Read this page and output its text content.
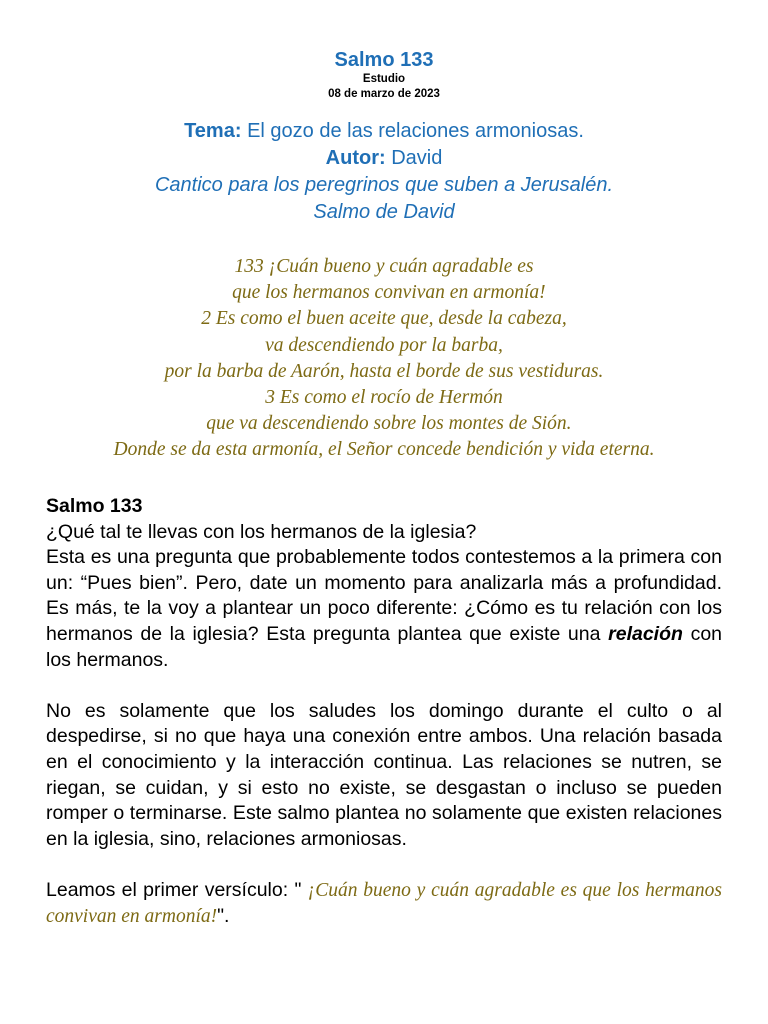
Salmo 133
Estudio
08 de marzo de 2023
Tema: El gozo de las relaciones armoniosas.
Autor: David
Cantico para los peregrinos que suben a Jerusalén.
Salmo de David
133 ¡Cuán bueno y cuán agradable es
que los hermanos convivan en armonía!
2 Es como el buen aceite que, desde la cabeza,
va descendiendo por la barba,
por la barba de Aarón, hasta el borde de sus vestiduras.
3 Es como el rocío de Hermón
que va descendiendo sobre los montes de Sión.
Donde se da esta armonía, el Señor concede bendición y vida eterna.

Salmo 133

¿Qué tal te llevas con los hermanos de la iglesia?

Esta es una pregunta que probablemente todos contestemos a la primera con un: “Pues bien”. Pero, date un momento para analizarla más a profundidad. Es más, te la voy a plantear un poco diferente: ¿Cómo es tu relación con los hermanos de la iglesia? Esta pregunta plantea que existe una relación con los hermanos.

No es solamente que los saludes los domingo durante el culto o al despedirse, si no que haya una conexión entre ambos. Una relación basada en el conocimiento y la interacción continua. Las relaciones se nutren, se riegan, se cuidan, y si esto no existe, se desgastan o incluso se pueden romper o terminarse. Este salmo plantea no solamente que existen relaciones en la iglesia, sino, relaciones armoniosas.

Leamos el primer versículo: " ¡Cuán bueno y cuán agradable es que los hermanos convivan en armonía!".
